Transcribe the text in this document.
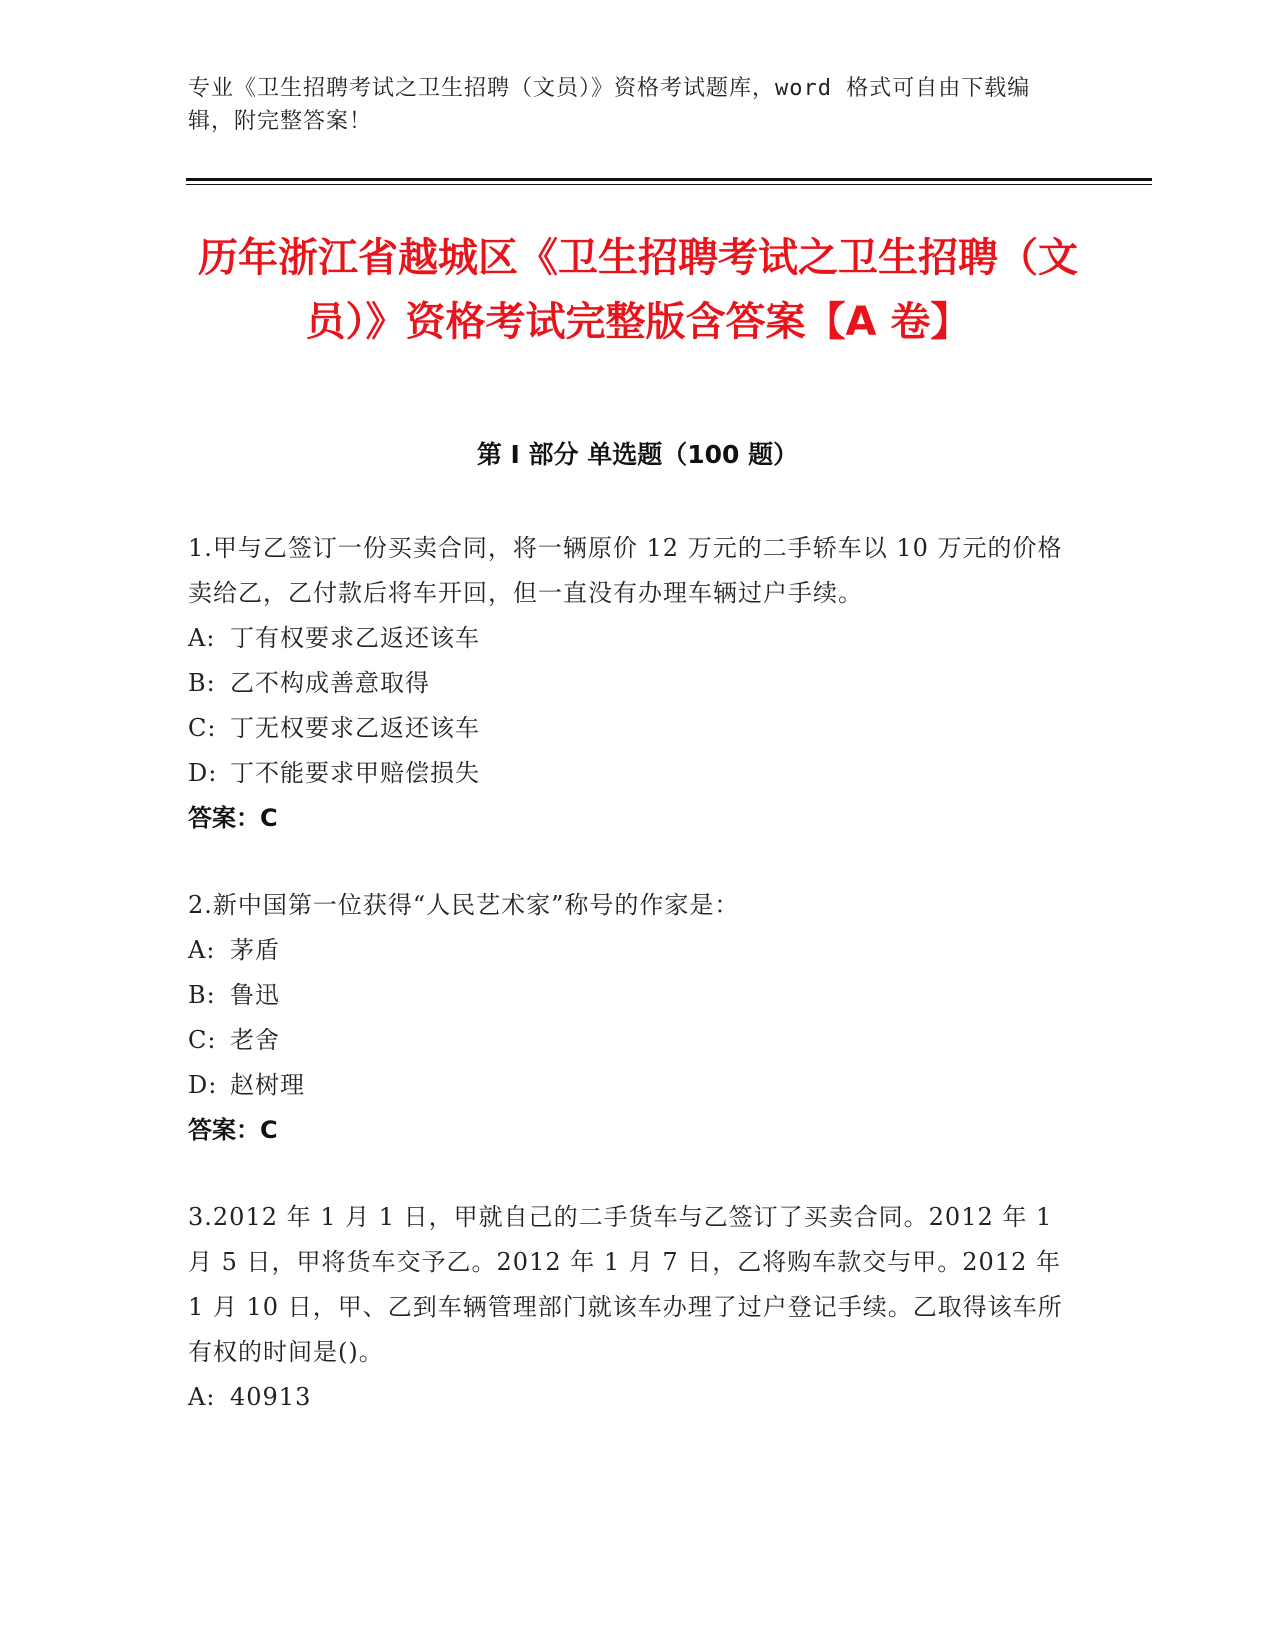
专业《卫生招聘考试之卫生招聘（文员）》资格考试题库，word 格式可自由下载编辑，附完整答案！
历年浙江省越城区《卫生招聘考试之卫生招聘（文员）》资格考试完整版含答案【A 卷】
第 I 部分 单选题（100 题）
1.甲与乙签订一份买卖合同，将一辆原价 12 万元的二手轿车以 10 万元的价格卖给乙，乙付款后将车开回，但一直没有办理车辆过户手续。
A: 丁有权要求乙返还该车
B: 乙不构成善意取得
C: 丁无权要求乙返还该车
D: 丁不能要求甲赔偿损失
答案：C
2.新中国第一位获得“人民艺术家”称号的作家是：
A: 茅盾
B: 鲁迅
C: 老舍
D: 赵树理
答案：C
3.2012 年 1 月 1 日，甲就自己的二手货车与乙签订了买卖合同。2012 年 1 月 5 日，甲将货车交予乙。2012 年 1 月 7 日，乙将购车款交与甲。2012 年 1 月 10 日，甲、乙到车辆管理部门就该车办理了过户登记手续。乙取得该车所有权的时间是()。
A: 40913
